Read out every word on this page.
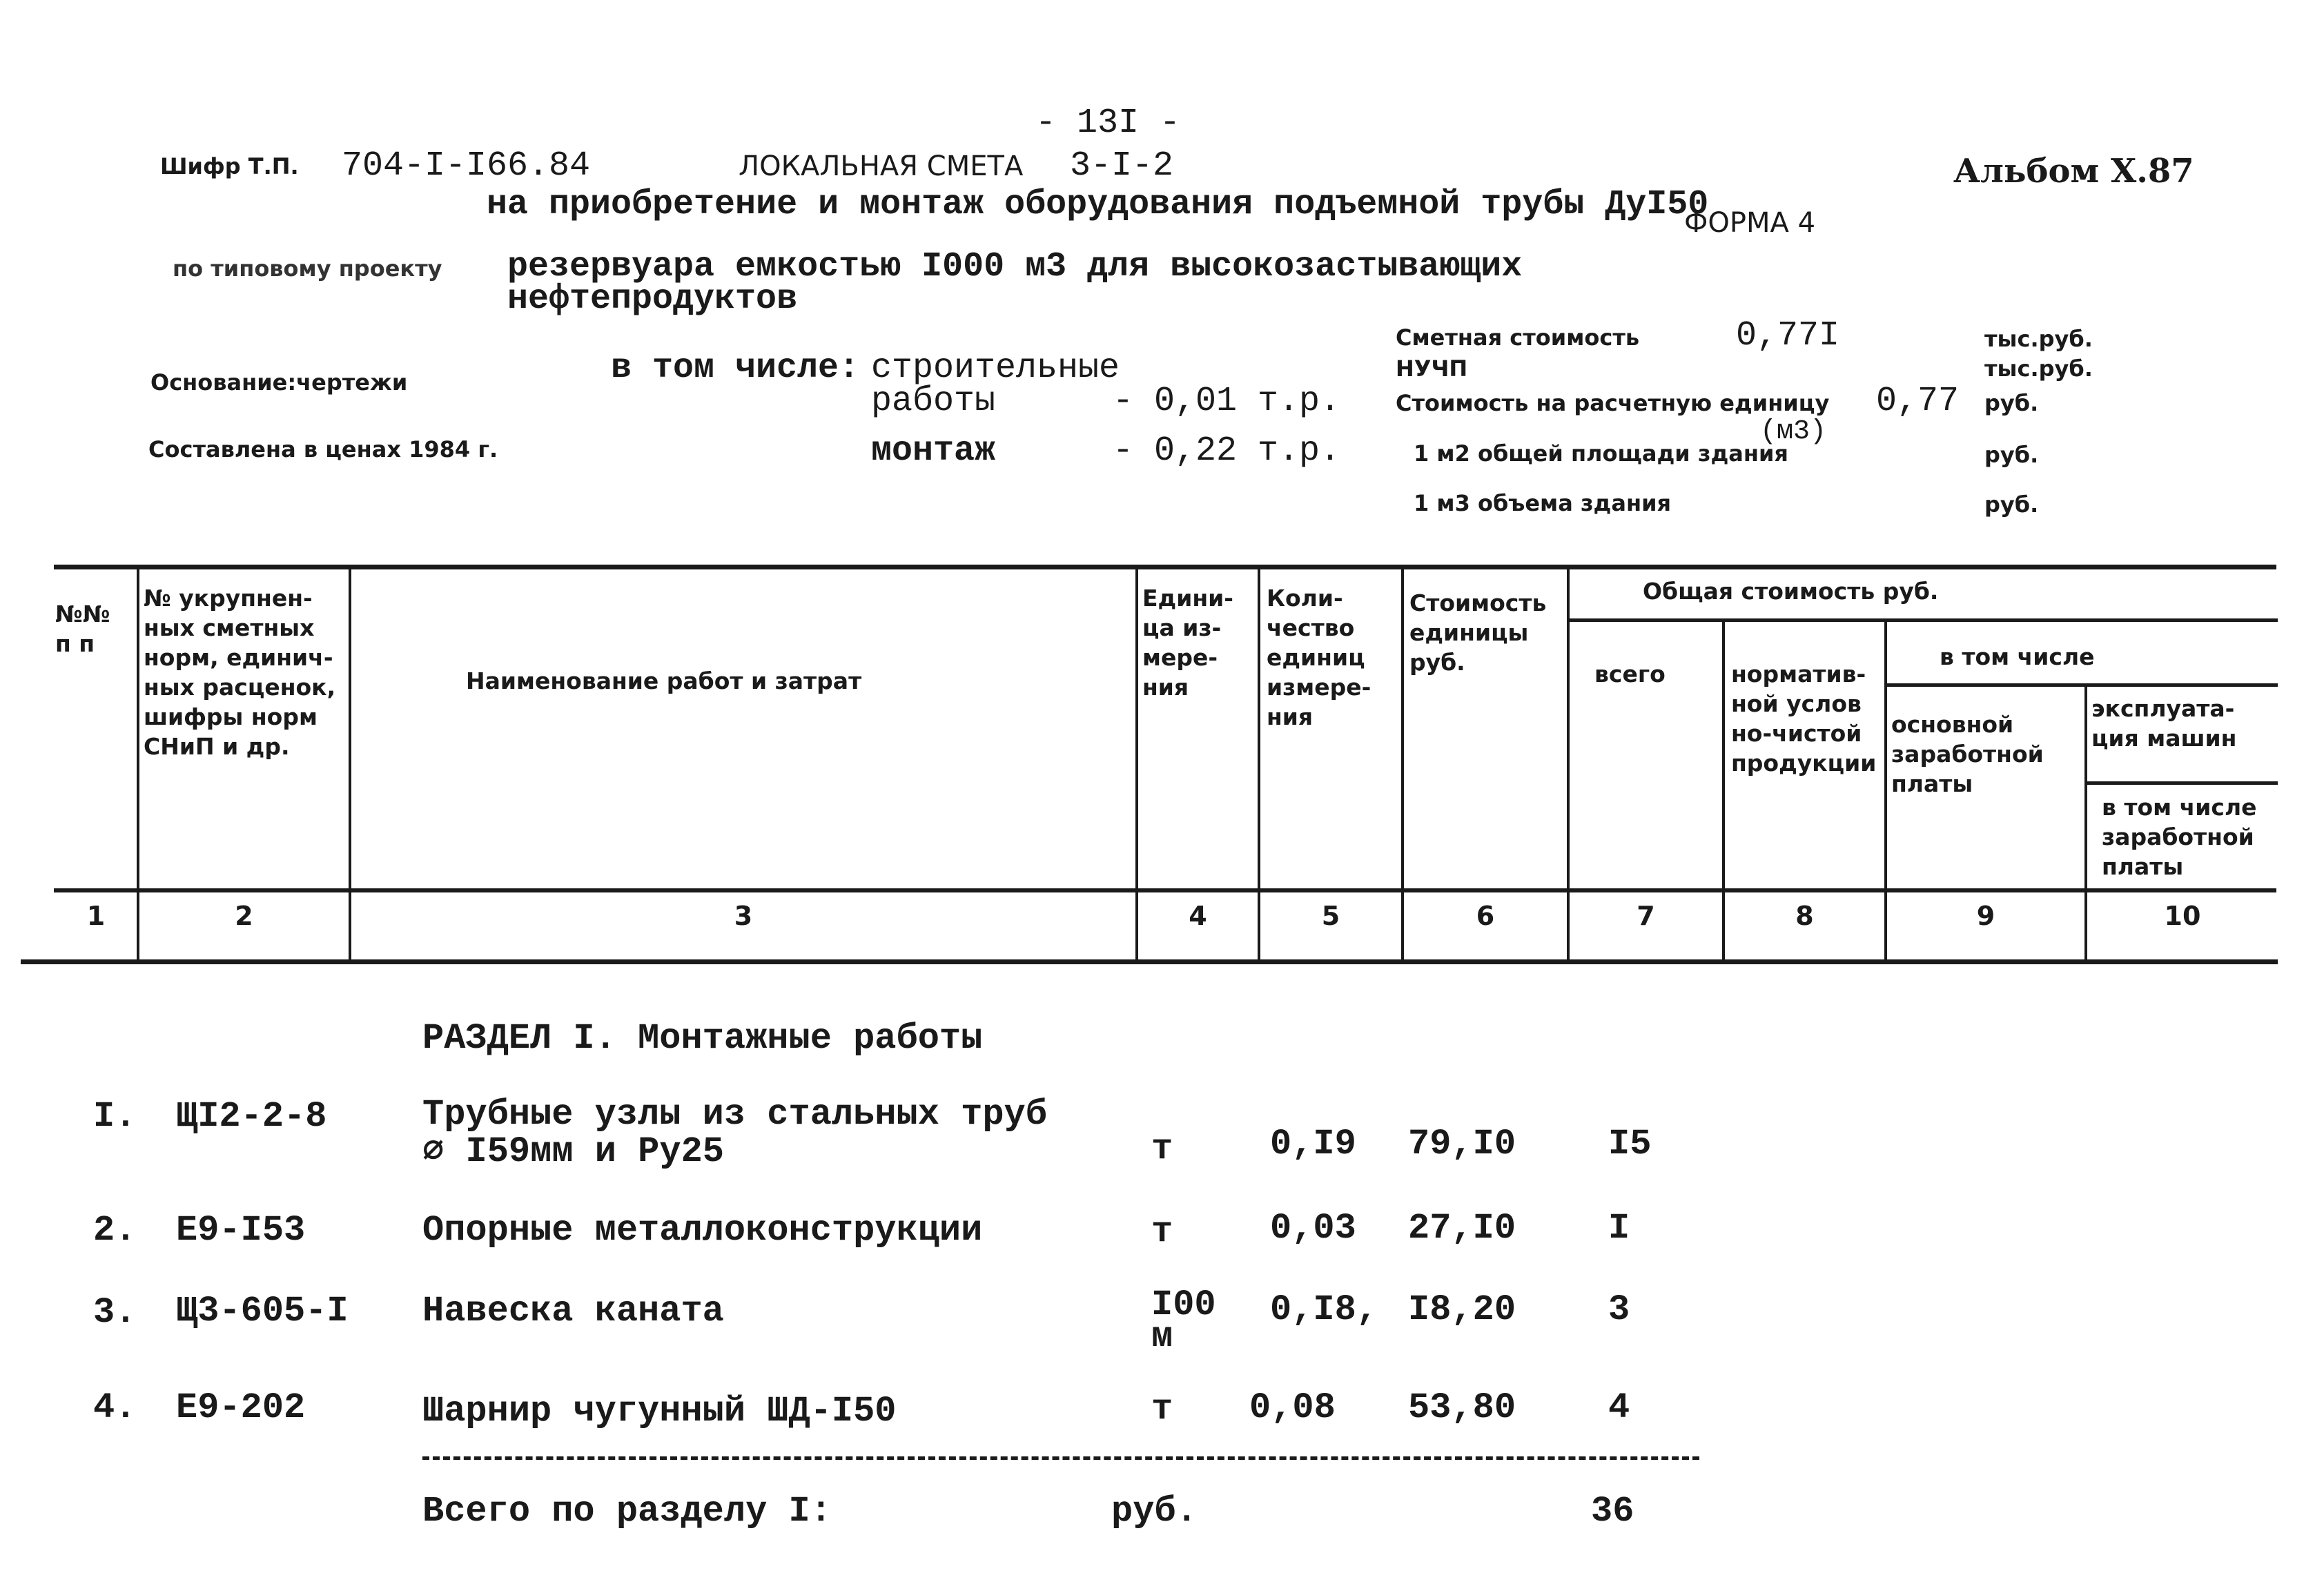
- 13I -
Шифр Т.П. 704-I-I66.84	ЛОКАЛЬНАЯ СМЕТА 3-I-2	Альбом Х.87
на приобретение и монтаж оборудования подъемной трубы ДуI50
ФОРМА 4
по типовому проекту резервуара емкостью I000 м3 для высокозастывающих
нефтепродуктов
Основание:чертежи
Составлена в ценах 1984 г.
в том числе: строительные
работы	- 0,01 т.р.
монтаж	- 0,22 т.р.
Сметная стоимость	0,77I	тыс.руб.
НУЧП	тыс.руб.
Стоимость на расчетную единицу 0,77 руб.
(м3)
1 м2 общей площади здания	руб.
1 м3 объема здания	руб.
№№ п п
№ укрупнен-ных сметных норм, единич-ных расценок, шифры норм СНиП и др.
Наименование работ и затрат
Едини-ца из-мере-ния
Коли-чество единиц измере-ния
Стоимость единицы руб.
Общая стоимость руб.
всего	норматив-ной услов но-чистой продукции
в том числе
основной заработной платы
эксплуата-ция машин
в том числе заработной платы
1	2	3	4	5	6	7	8	9	10
РАЗДЕЛ I. Монтажные работы
I. ЩI2-2-8	Трубные узлы из стальных труб
⌀ I59мм и Ру25	т	0,I9 79,I0	I5
2. Е9-I53	Опорные металлоконструкции	т	0,03 27,I0	I
3. Щ3-605-I Навеска каната	I00 м
0,I8, I8,20	3
4. Е9-202	Шарнир чугунный ШД-I50	т 0,08 53,80	4
Всего по разделу I:	руб.	36
